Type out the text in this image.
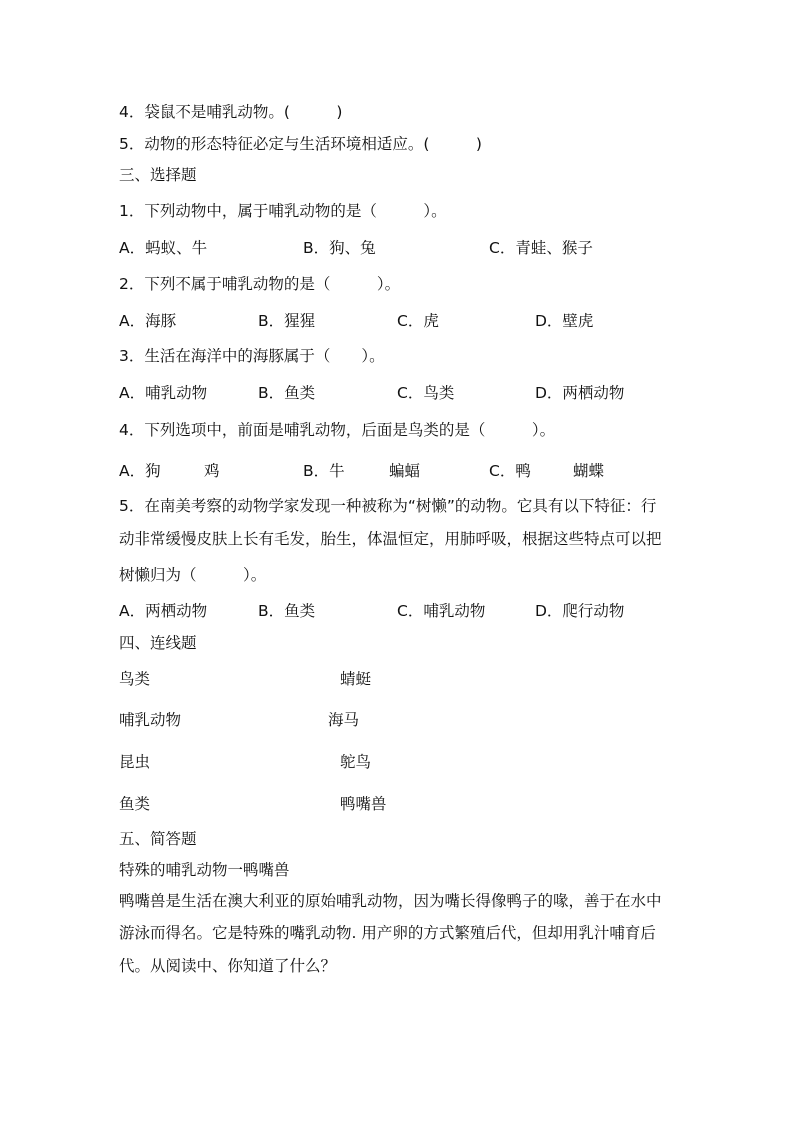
4．袋鼠不是哺乳动物。(　　　)
5．动物的形态特征必定与生活环境相适应。(　　　)
三、选择题
1．下列动物中，属于哺乳动物的是（　　　）。
A．蚂蚁、牛	B．狗、兔	C．青蛙、猴子
2．下列不属于哺乳动物的是（　　　）。
A．海豚	B．猩猩	C．虎	D．壁虎
3．生活在海洋中的海豚属于（　　）。
A．哺乳动物	B．鱼类	C．鸟类	D．两栖动物
4．下列选项中，前面是哺乳动物，后面是鸟类的是（　　　）。
A．狗	鸡	B．牛	蝙蝠	C．鸭	蝴蝶
5．在南美考察的动物学家发现一种被称为“树懒”的动物。它具有以下特征：行
动非常缓慢皮肤上长有毛发，胎生，体温恒定，用肺呼吸，根据这些特点可以把
树懒归为（　　　）。
A．两栖动物	B．鱼类	C．哺乳动物	D．爬行动物
四、连线题
鸟类	蜻蜓
哺乳动物	海马
昆虫	鸵鸟
鱼类	鸭嘴兽
五、简答题
特殊的哺乳动物一鸭嘴兽
鸭嘴兽是生活在澳大利亚的原始哺乳动物，因为嘴长得像鸭子的喙，善于在水中
游泳而得名。它是特殊的嘴乳动物. 用产卵的方式繁殖后代，但却用乳汁哺育后
代。从阅读中、你知道了什么？
